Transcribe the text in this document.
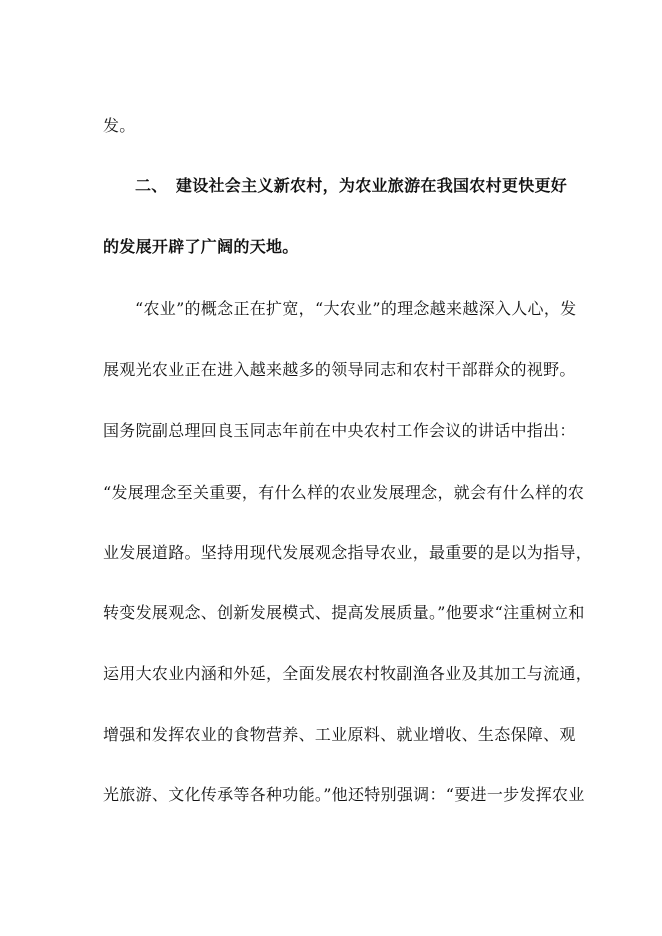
发。
二、　建设社会主义新农村，为农业旅游在我国农村更快更好
的发展开辟了广阔的天地。
“农业”的概念正在扩宽，“大农业”的理念越来越深入人心，发
展观光农业正在进入越来越多的领导同志和农村干部群众的视野。
国务院副总理回良玉同志年前在中央农村工作会议的讲话中指出：
“发展理念至关重要，有什么样的农业发展理念，就会有什么样的农
业发展道路。坚持用现代发展观念指导农业，最重要的是以为指导，
转变发展观念、创新发展模式、提高发展质量。”他要求“注重树立和
运用大农业内涵和外延，全面发展农村牧副渔各业及其加工与流通，
增强和发挥农业的食物营养、工业原料、就业增收、生态保障、观
光旅游、文化传承等各种功能。”他还特别强调：“要进一步发挥农业
